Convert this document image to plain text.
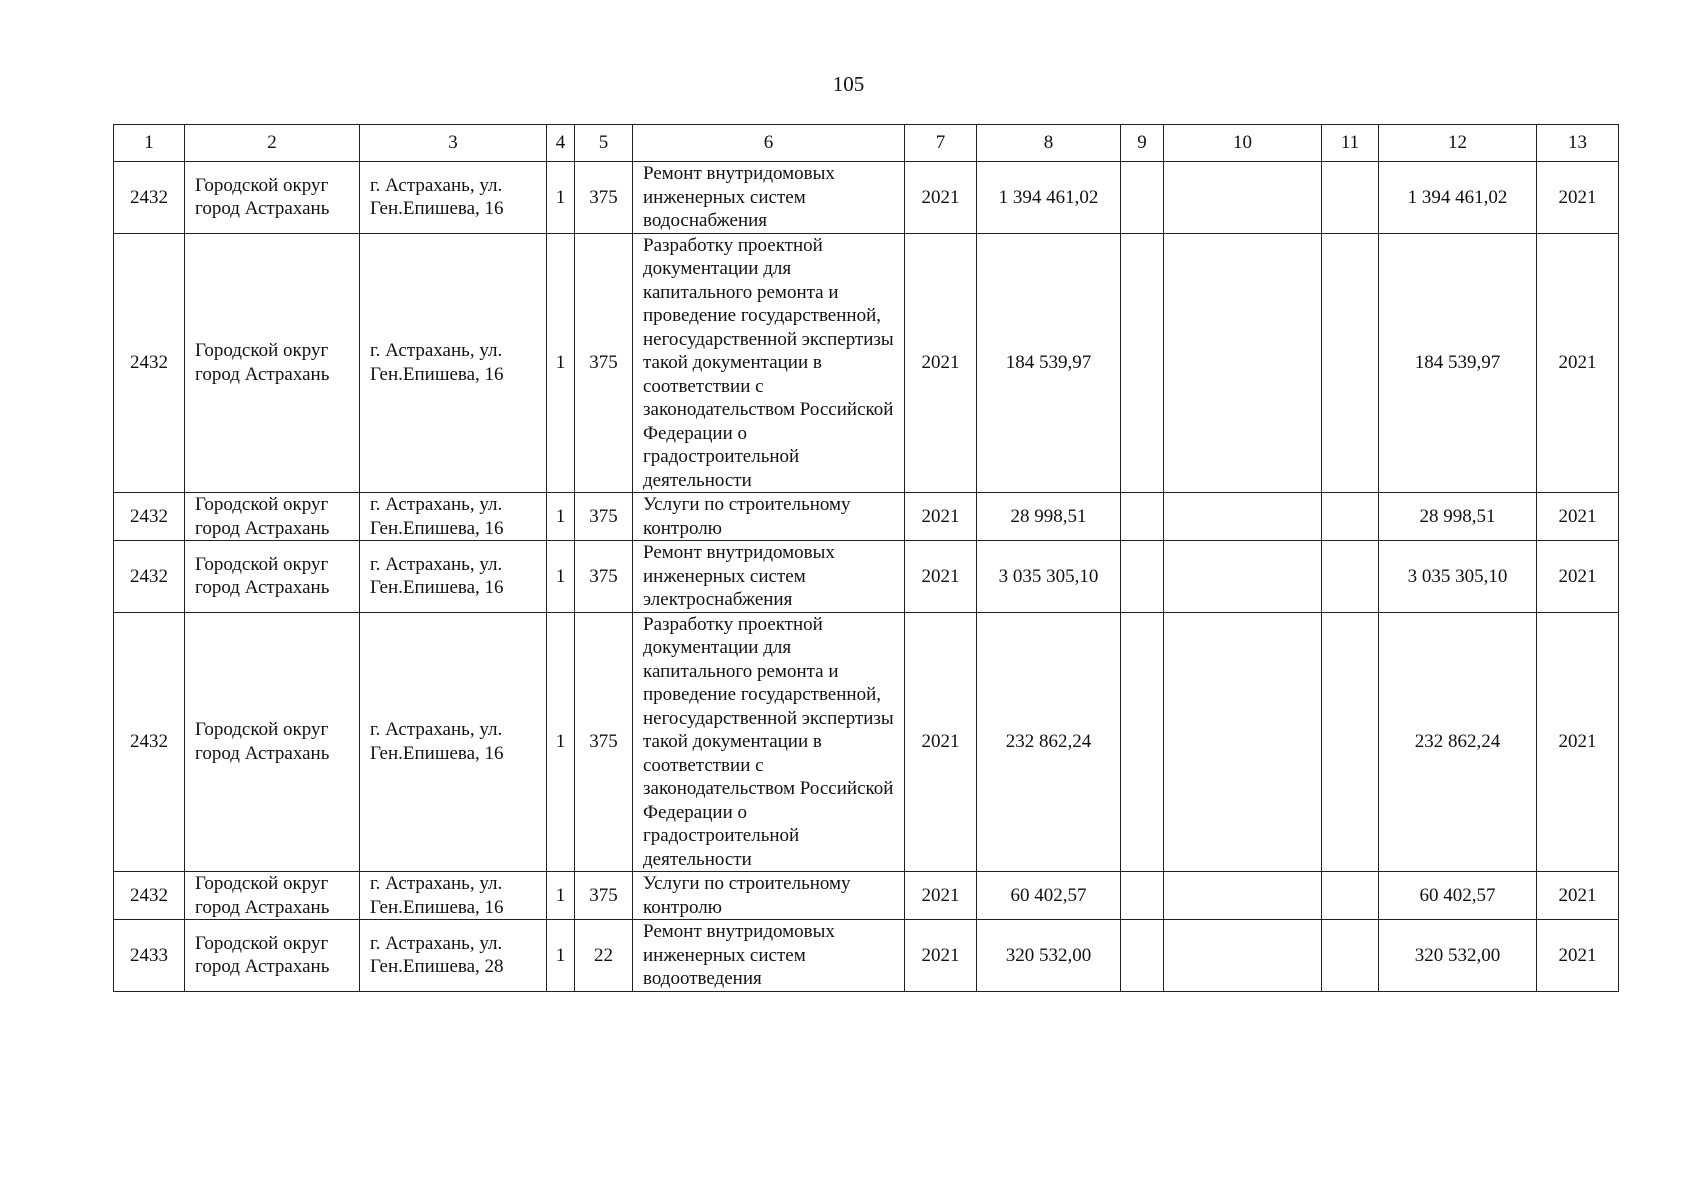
105
1	2	3	4	5	6	7	8	9	10	11	12	13
2432	Городской округ город Астрахань	г. Астрахань, ул. Ген.Епишева, 16	1	375	Ремонт внутридомовых инженерных систем водоснабжения	2021	1 394 461,02				1 394 461,02	2021
2432	Городской округ город Астрахань	г. Астрахань, ул. Ген.Епишева, 16	1	375	Разработку проектной документации для капитального ремонта и проведение государственной, негосударственной экспертизы такой документации в соответствии с законодательством Российской Федерации о градостроительной деятельности	2021	184 539,97				184 539,97	2021
2432	Городской округ город Астрахань	г. Астрахань, ул. Ген.Епишева, 16	1	375	Услуги по строительному контролю	2021	28 998,51				28 998,51	2021
2432	Городской округ город Астрахань	г. Астрахань, ул. Ген.Епишева, 16	1	375	Ремонт внутридомовых инженерных систем электроснабжения	2021	3 035 305,10				3 035 305,10	2021
2432	Городской округ город Астрахань	г. Астрахань, ул. Ген.Епишева, 16	1	375	Разработку проектной документации для капитального ремонта и проведение государственной, негосударственной экспертизы такой документации в соответствии с законодательством Российской Федерации о градостроительной деятельности	2021	232 862,24				232 862,24	2021
2432	Городской округ город Астрахань	г. Астрахань, ул. Ген.Епишева, 16	1	375	Услуги по строительному контролю	2021	60 402,57				60 402,57	2021
2433	Городской округ город Астрахань	г. Астрахань, ул. Ген.Епишева, 28	1	22	Ремонт внутридомовых инженерных систем водоотведения	2021	320 532,00				320 532,00	2021
